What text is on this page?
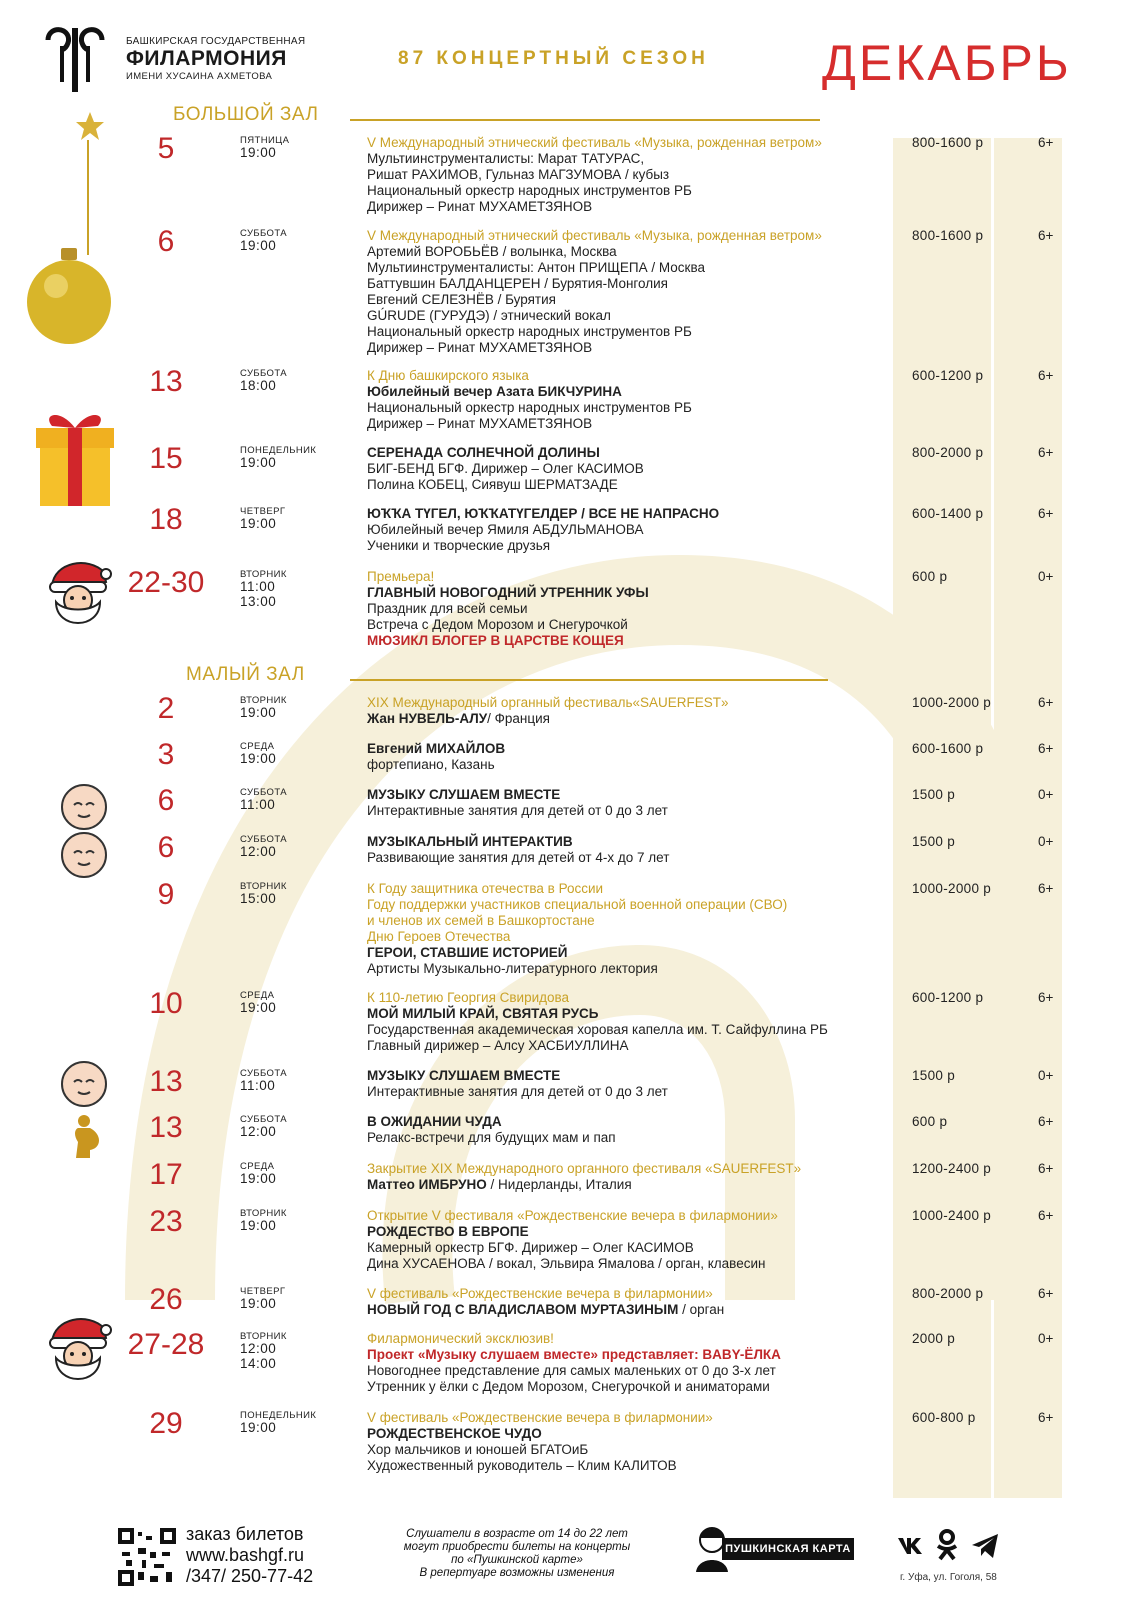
БАШКИРСКАЯ ГОСУДАРСТВЕННАЯ
ФИЛАРМОНИЯ
ИМЕНИ ХУСАИНА АХМЕТОВА
87 КОНЦЕРТНЫЙ СЕЗОН ДЕКАБРЬ
БОЛЬШОЙ ЗАЛ
МАЛЫЙ ЗАЛ
5	ПЯТНИЦА
19:00
V Международный этнический фестиваль «Музыка, рожденная ветром»
Мультиинструменталисты: Марат ТАТУРАС,
Ришат РАХИМОВ, Гульназ МАГЗУМОВА / кубыз
Национальный оркестр народных инструментов РБ
Дирижер – Ринат МУХАМЕТЗЯНОВ
800-1600 р	6+
6	СУББОТА
19:00
V Международный этнический фестиваль «Музыка, рожденная ветром»
Артемий ВОРОБЬЁВ / волынка, Москва
Мультиинструменталисты: Антон ПРИЩЕПА / Москва
Баттувшин БАЛДАНЦЕРЕН / Бурятия-Монголия
Евгений СЕЛЕЗНЁВ / Бурятия
GÚRUDE (ГУРУДЭ) / этнический вокал
Национальный оркестр народных инструментов РБ
Дирижер – Ринат МУХАМЕТЗЯНОВ
800-1600 р	6+
13	СУББОТА
18:00
К Дню башкирского языка
Юбилейный вечер Азата БИКЧУРИНА
Национальный оркестр народных инструментов РБ
Дирижер – Ринат МУХАМЕТЗЯНОВ
600-1200 р	6+
15	ПОНЕДЕЛЬНИК
19:00
СЕРЕНАДА СОЛНЕЧНОЙ ДОЛИНЫ
БИГ-БЕНД БГФ. Дирижер – Олег КАСИМОВ
Полина КОБЕЦ, Сиявуш ШЕРМАТЗАДЕ
800-2000 р	6+
18	ЧЕТВЕРГ
19:00
ЮҠҠА ТҮГЕЛ, ЮҠҠАТҮГЕЛДЕР / ВСЕ НЕ НАПРАСНО
Юбилейный вечер Ямиля АБДУЛЬМАНОВА
Ученики и творческие друзья
600-1400 р	6+
22-30	ВТОРНИК
11:00
13:00
Премьера!
ГЛАВНЫЙ НОВОГОДНИЙ УТРЕННИК УФЫ
Праздник для всей семьи
Встреча с Дедом Морозом и Снегурочкой
МЮЗИКЛ БЛОГЕР В ЦАРСТВЕ КОЩЕЯ
600 р	0+
2	ВТОРНИК
19:00
XIX Международный органный фестиваль«SAUERFEST»
Жан НУВЕЛЬ-АЛУ/ Франция
1000-2000 р	6+
3	СРЕДА
19:00
Евгений МИХАЙЛОВ
фортепиано, Казань
600-1600 р	6+
6	СУББОТА
11:00
МУЗЫКУ СЛУШАЕМ ВМЕСТЕ
Интерактивные занятия для детей от 0 до 3 лет
1500 р	0+
6	СУББОТА
12:00
МУЗЫКАЛЬНЫЙ ИНТЕРАКТИВ
Развивающие занятия для детей от 4-х до 7 лет
1500 р	0+
9	ВТОРНИК
15:00
К Году защитника отечества в России
Году поддержки участников специальной военной операции (СВО)
и членов их семей в Башкортостане
Дню Героев Отечества
ГЕРОИ, СТАВШИЕ ИСТОРИЕЙ
Артисты Музыкально-литературного лектория
1000-2000 р	6+
10	СРЕДА
19:00
К 110-летию Георгия Свиридова
МОЙ МИЛЫЙ КРАЙ, СВЯТАЯ РУСЬ
Государственная академическая хоровая капелла им. Т. Сайфуллина РБ
Главный дирижер – Алсу ХАСБИУЛЛИНА
600-1200 р	6+
13	СУББОТА
11:00
МУЗЫКУ СЛУШАЕМ ВМЕСТЕ
Интерактивные занятия для детей от 0 до 3 лет
1500 р	0+
13	СУББОТА
12:00
В ОЖИДАНИИ ЧУДА
Релакс-встречи для будущих мам и пап
600 р	6+
17	СРЕДА
19:00
Закрытие XIX Международного органного фестиваля «SAUERFEST»
Маттео ИМБРУНО / Нидерланды, Италия
1200-2400 р	6+
23	ВТОРНИК
19:00
Открытие V фестиваля «Рождественские вечера в филармонии»
РОЖДЕСТВО В ЕВРОПЕ
Камерный оркестр БГФ. Дирижер – Олег КАСИМОВ
Дина ХУСАЕНОВА / вокал, Эльвира Ямалова / орган, клавесин
1000-2400 р	6+
26	ЧЕТВЕРГ
19:00
V фестиваль «Рождественские вечера в филармонии»
НОВЫЙ ГОД С ВЛАДИСЛАВОМ МУРТАЗИНЫМ / орган
800-2000 р	6+
27-28	ВТОРНИК
12:00
14:00
Филармонический эксклюзив!
Проект «Музыку слушаем вместе» представляет: BABY-ЁЛКА
Новогоднее представление для самых маленьких от 0 до 3-х лет
Утренник у ёлки с Дедом Морозом, Снегурочкой и аниматорами
2000 р	0+
29	ПОНЕДЕЛЬНИК
19:00
V фестиваль «Рождественские вечера в филармонии»
РОЖДЕСТВЕНСКОЕ ЧУДО
Хор мальчиков и юношей БГАТОиБ
Художественный руководитель – Клим КАЛИТОВ
600-800 р	6+
заказ билетов
www.bashgf.ru
/347/ 250-77-42
Слушатели в возрасте от 14 до 22 лет
могут приобрести билеты на концерты
по «Пушкинской карте»
В репертуаре возможны изменения
ПУШКИНСКАЯ КАРТА
г. Уфа, ул. Гоголя, 58
